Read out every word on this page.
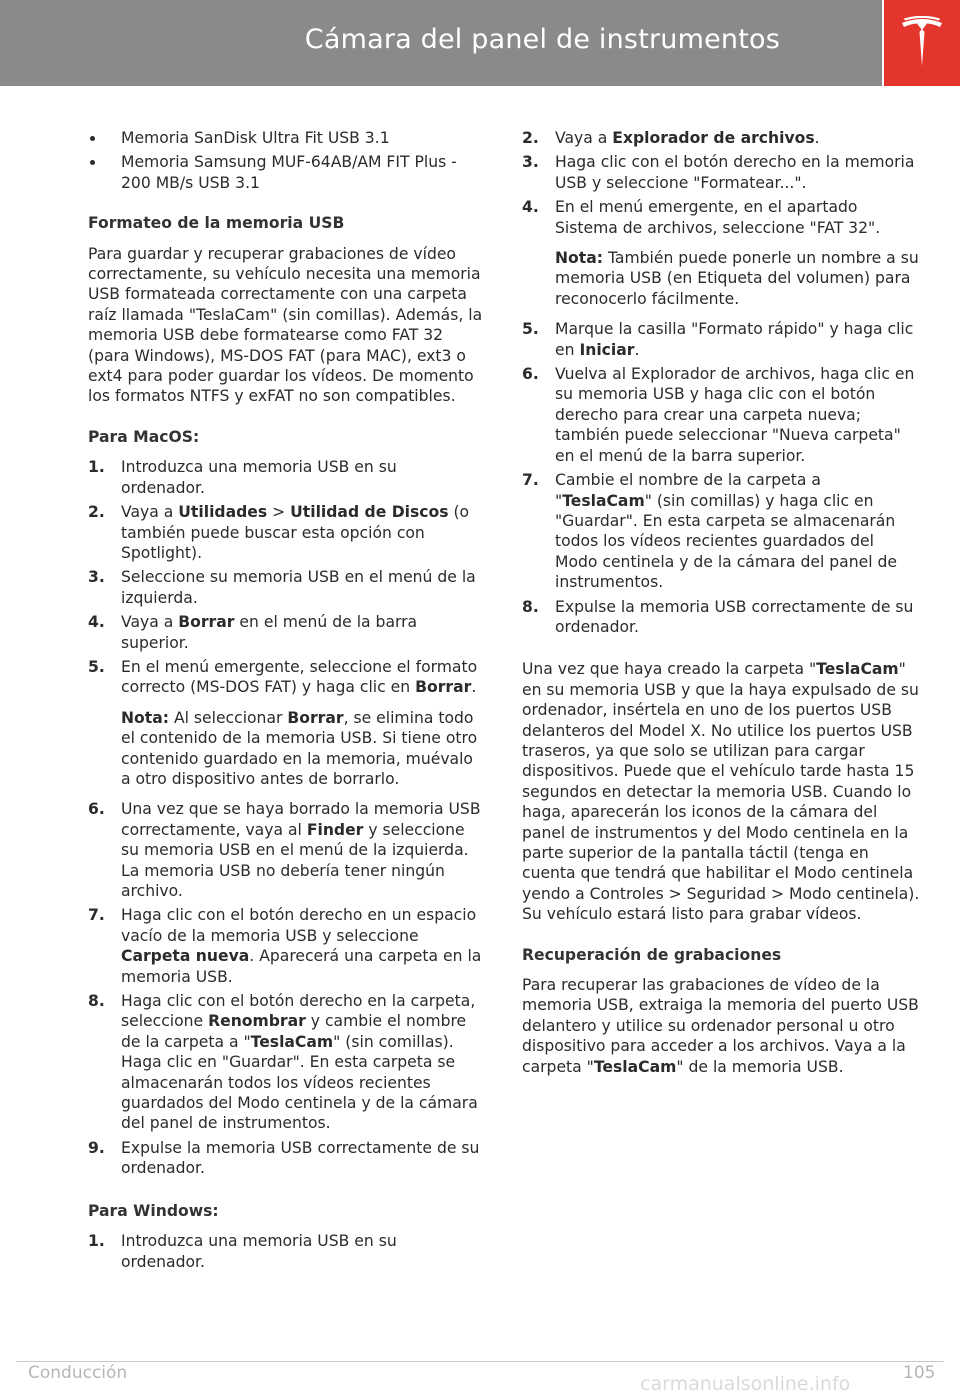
Cámara del panel de instrumentos
Memoria SanDisk Ultra Fit USB 3.1
Memoria Samsung MUF-64AB/AM FIT Plus - 200 MB/s USB 3.1

Formateo de la memoria USB

Para guardar y recuperar grabaciones de vídeo correctamente, su vehículo necesita una memoria USB formateada correctamente con una carpeta raíz llamada "TeslaCam" (sin comillas). Además, la memoria USB debe formatearse como FAT 32 (para Windows), MS-DOS FAT (para MAC), ext3 o ext4 para poder guardar los vídeos. De momento los formatos NTFS y exFAT no son compatibles.

Para MacOS:

1. Introduzca una memoria USB en su ordenador.
2. Vaya a Utilidades > Utilidad de Discos (o también puede buscar esta opción con Spotlight).
3. Seleccione su memoria USB en el menú de la izquierda.
4. Vaya a Borrar en el menú de la barra superior.
5. En el menú emergente, seleccione el formato correcto (MS-DOS FAT) y haga clic en Borrar.

Nota: Al seleccionar Borrar, se elimina todo el contenido de la memoria USB. Si tiene otro contenido guardado en la memoria, muévalo a otro dispositivo antes de borrarlo.

6. Una vez que se haya borrado la memoria USB correctamente, vaya al Finder y seleccione su memoria USB en el menú de la izquierda. La memoria USB no debería tener ningún archivo.
7. Haga clic con el botón derecho en un espacio vacío de la memoria USB y seleccione Carpeta nueva. Aparecerá una carpeta en la memoria USB.
8. Haga clic con el botón derecho en la carpeta, seleccione Renombrar y cambie el nombre de la carpeta a "TeslaCam" (sin comillas). Haga clic en "Guardar". En esta carpeta se almacenarán todos los vídeos recientes guardados del Modo centinela y de la cámara del panel de instrumentos.
9. Expulse la memoria USB correctamente de su ordenador.

Para Windows:

1. Introduzca una memoria USB en su ordenador.
2. Vaya a Explorador de archivos.
3. Haga clic con el botón derecho en la memoria USB y seleccione "Formatear...".
4. En el menú emergente, en el apartado Sistema de archivos, seleccione "FAT 32".

Nota: También puede ponerle un nombre a su memoria USB (en Etiqueta del volumen) para reconocerlo fácilmente.

5. Marque la casilla "Formato rápido" y haga clic en Iniciar.
6. Vuelva al Explorador de archivos, haga clic en su memoria USB y haga clic con el botón derecho para crear una carpeta nueva; también puede seleccionar "Nueva carpeta" en el menú de la barra superior.
7. Cambie el nombre de la carpeta a "TeslaCam" (sin comillas) y haga clic en "Guardar". En esta carpeta se almacenarán todos los vídeos recientes guardados del Modo centinela y de la cámara del panel de instrumentos.
8. Expulse la memoria USB correctamente de su ordenador.

Una vez que haya creado la carpeta "TeslaCam" en su memoria USB y que la haya expulsado de su ordenador, insértela en uno de los puertos USB delanteros del Model X. No utilice los puertos USB traseros, ya que solo se utilizan para cargar dispositivos. Puede que el vehículo tarde hasta 15 segundos en detectar la memoria USB. Cuando lo haga, aparecerán los iconos de la cámara del panel de instrumentos y del Modo centinela en la parte superior de la pantalla táctil (tenga en cuenta que tendrá que habilitar el Modo centinela yendo a Controles > Seguridad > Modo centinela). Su vehículo estará listo para grabar vídeos.

Recuperación de grabaciones

Para recuperar las grabaciones de vídeo de la memoria USB, extraiga la memoria del puerto USB delantero y utilice su ordenador personal u otro dispositivo para acceder a los archivos. Vaya a la carpeta "TeslaCam" de la memoria USB.

Conducción	carmanualsonline.info	105
